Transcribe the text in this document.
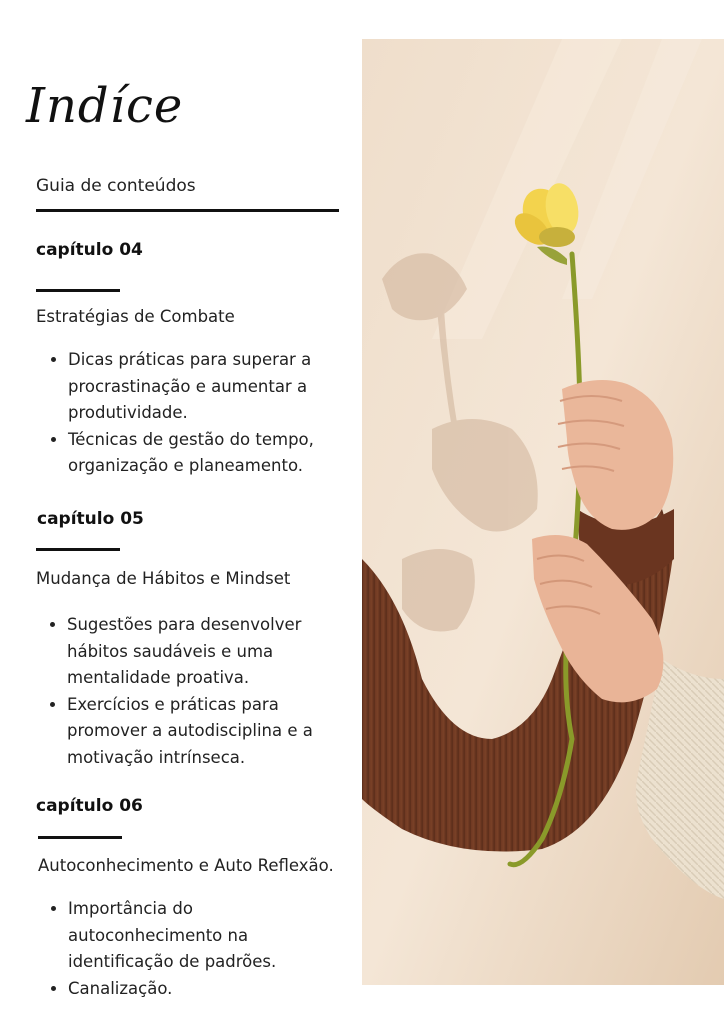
Indíce
Guia de conteúdos
capítulo 04
Estratégias de Combate
• Dicas práticas para superar a procrastinação e aumentar a produtividade.
• Técnicas de gestão do tempo, organização e planeamento.
capítulo 05
Mudança de Hábitos e Mindset
• Sugestões para desenvolver hábitos saudáveis e uma mentalidade proativa.
• Exercícios e práticas para promover a autodisciplina e a motivação intrínseca.
capítulo 06
Autoconhecimento e Auto Reflexão.
• Importância do autoconhecimento na identificação de padrões.
• Canalização.
